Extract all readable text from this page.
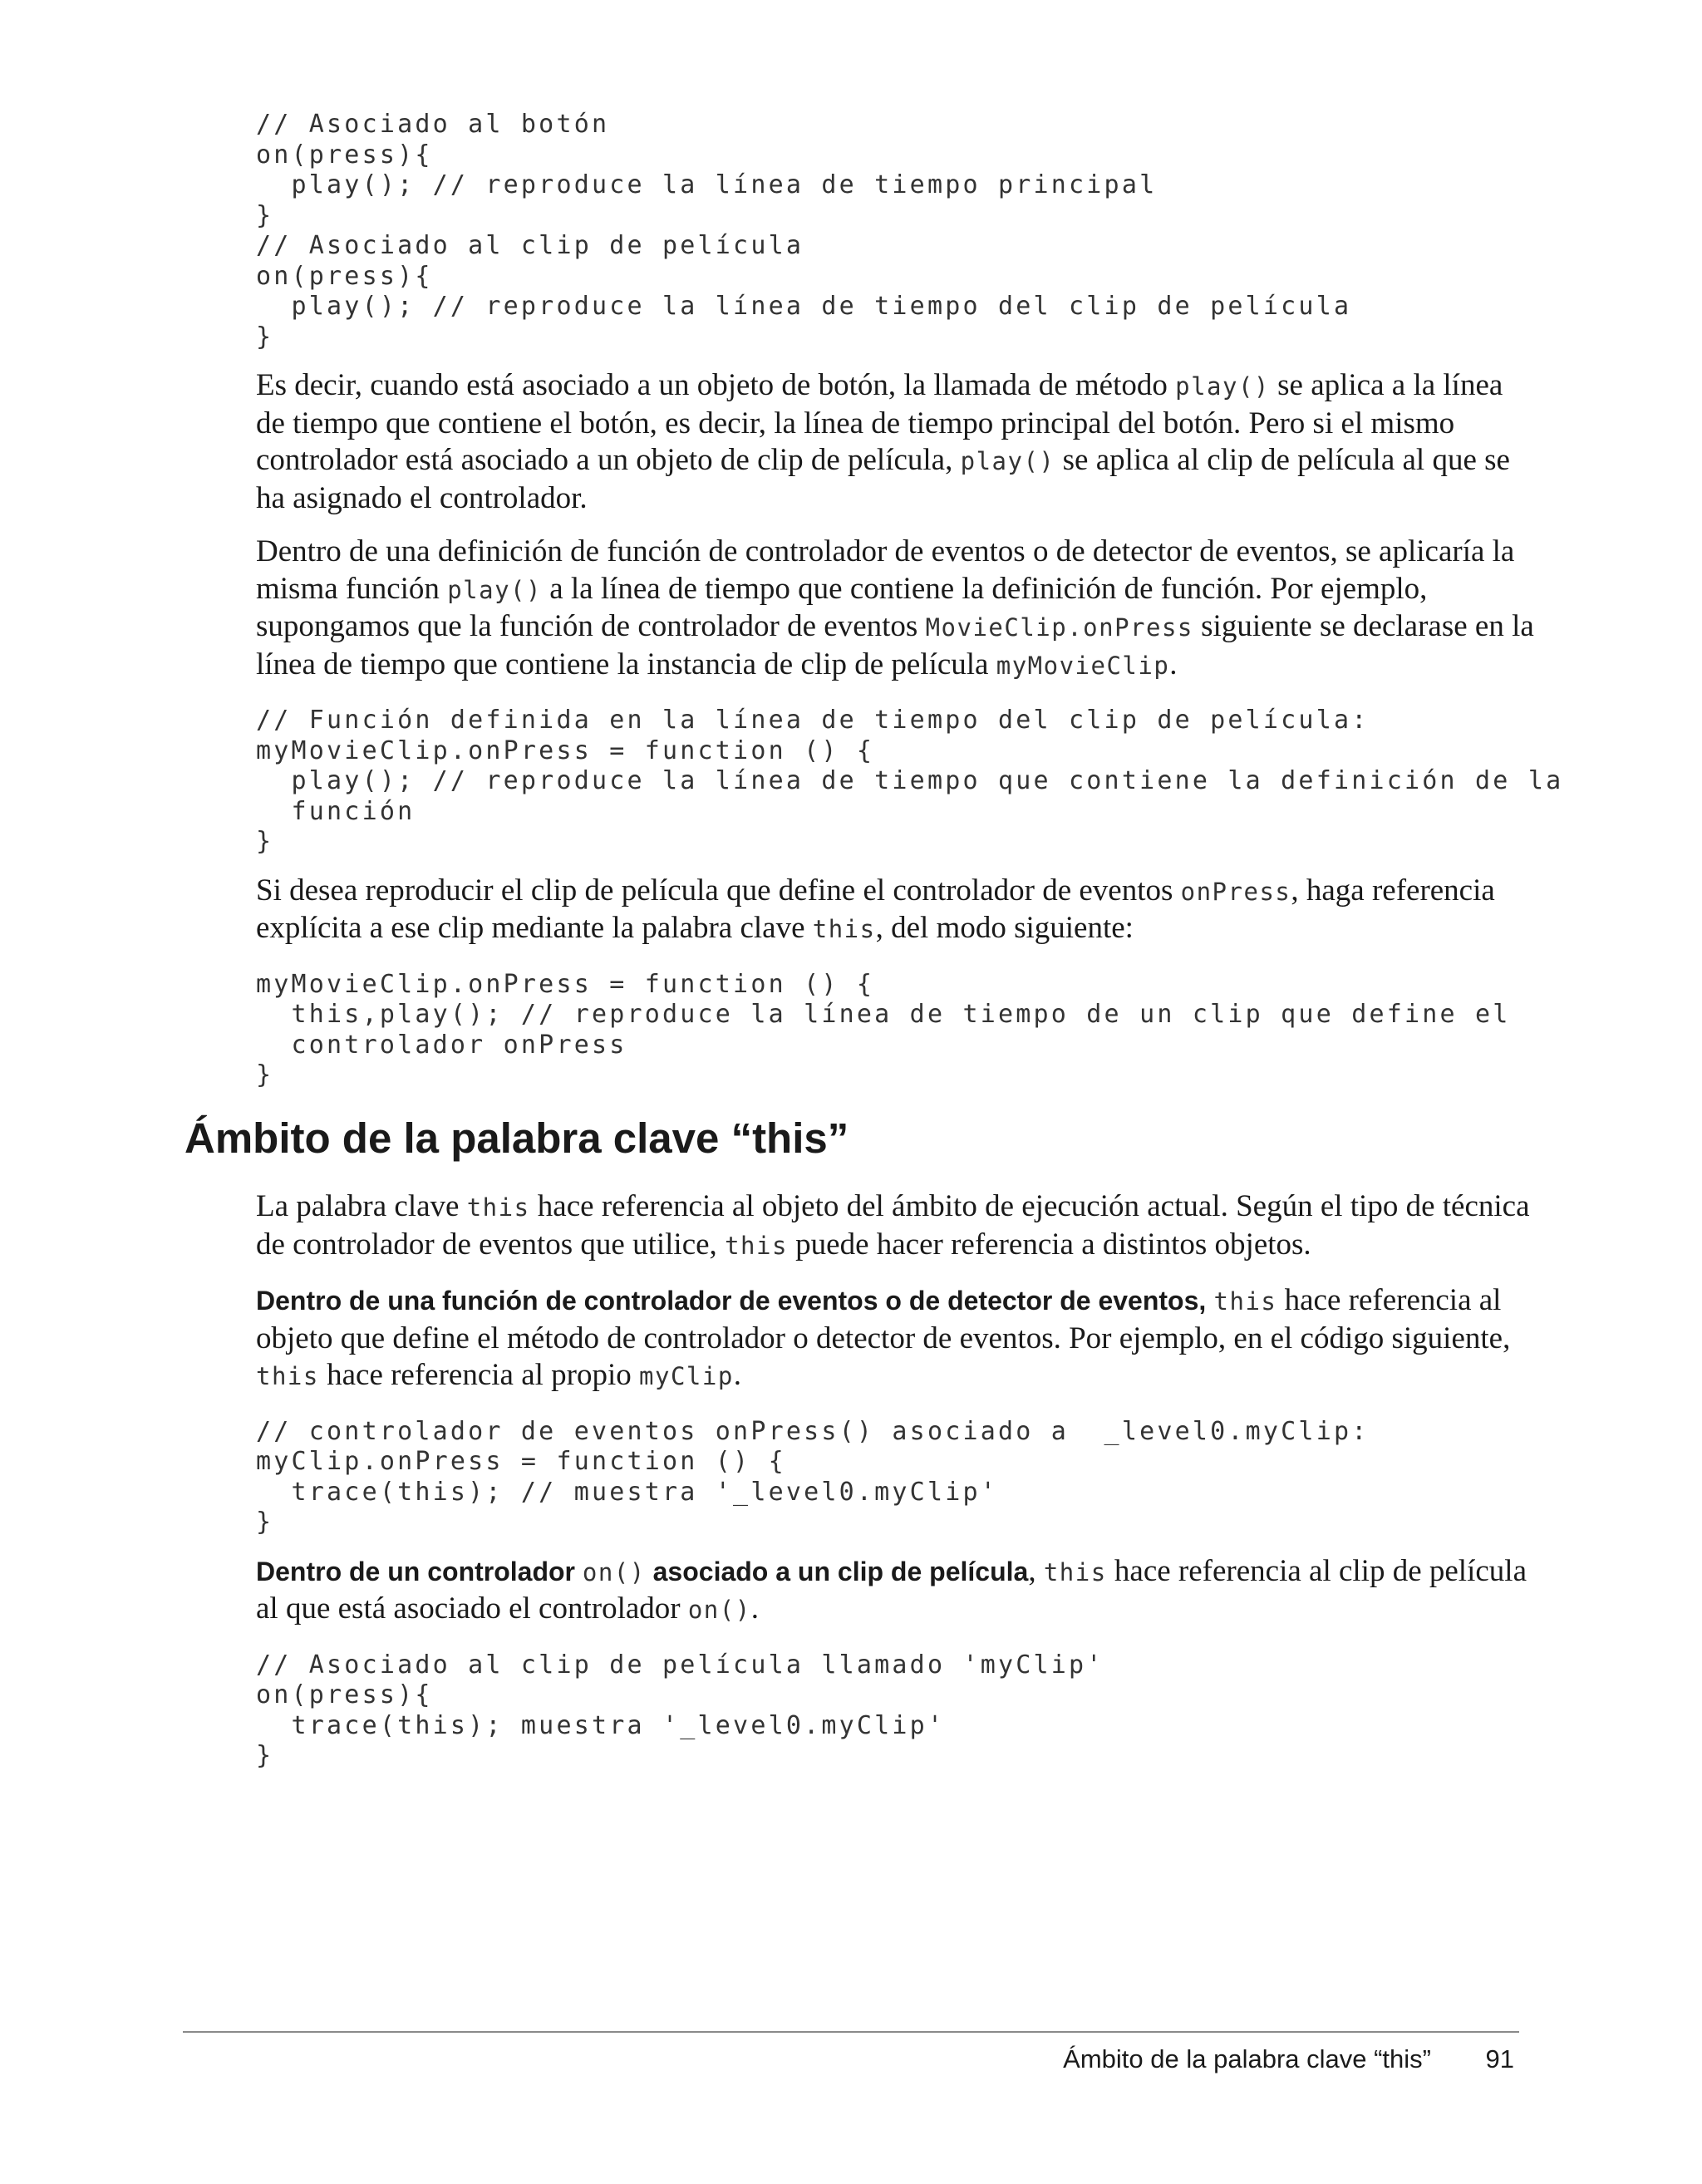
// Asociado al botón
on(press){
play(); // reproduce la línea de tiempo principal
}
// Asociado al clip de película
on(press){
play(); // reproduce la línea de tiempo del clip de película
}

Es decir, cuando está asociado a un objeto de botón, la llamada de método play() se aplica a la línea de tiempo que contiene el botón, es decir, la línea de tiempo principal del botón. Pero si el mismo controlador está asociado a un objeto de clip de película, play() se aplica al clip de película al que se ha asignado el controlador.

Dentro de una definición de función de controlador de eventos o de detector de eventos, se aplicaría la misma función play() a la línea de tiempo que contiene la definición de función. Por ejemplo, supongamos que la función de controlador de eventos MovieClip.onPress siguiente se declarase en la línea de tiempo que contiene la instancia de clip de película myMovieClip.

// Función definida en la línea de tiempo del clip de película:
myMovieClip.onPress = function () {
play(); // reproduce la línea de tiempo que contiene la definición de la
función
}

Si desea reproducir el clip de película que define el controlador de eventos onPress, haga referencia explícita a ese clip mediante la palabra clave this, del modo siguiente:

myMovieClip.onPress = function () {
this,play(); // reproduce la línea de tiempo de un clip que define el
controlador onPress
}
Ámbito de la palabra clave “this”

La palabra clave this hace referencia al objeto del ámbito de ejecución actual. Según el tipo de técnica de controlador de eventos que utilice, this puede hacer referencia a distintos objetos.

Dentro de una función de controlador de eventos o de detector de eventos, this hace referencia al objeto que define el método de controlador o detector de eventos. Por ejemplo, en el código siguiente, this hace referencia al propio myClip.

// controlador de eventos onPress() asociado a  _level0.myClip:
myClip.onPress = function () {
trace(this); // muestra '_level0.myClip'
}

Dentro de un controlador on() asociado a un clip de película, this hace referencia al clip de película al que está asociado el controlador on().

// Asociado al clip de película llamado 'myClip'
on(press){
trace(this); muestra '_level0.myClip'
}
Ámbito de la palabra clave “this” 91
